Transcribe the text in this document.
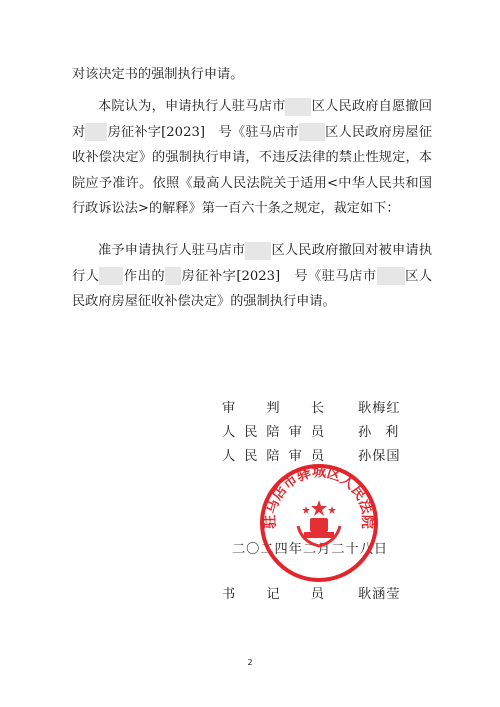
对该决定书的强制执行申请。

本院认为，申请执行人驻马店市 区人民政府自愿撤回对 房征补字[2023]　号《驻马店市 区人民政府房屋征收补偿决定》的强制执行申请，不违反法律的禁止性规定，本院应予准许。依照《最高人民法院关于适用<中华人民共和国行政诉讼法>的解释》第一百六十条之规定，裁定如下：

准予申请执行人驻马店市 区人民政府撤回对被申请执行人 作出的 房征补字[2023]　号《驻马店市 区人民政府房屋征收补偿决定》的强制执行申请。

审 判 长	耿梅红
人 民 陪 审 员	孙利
人 民 陪 审 员	孙保国
二〇二四年二月二十八日
驻马店市驿城区人民法院
书 记 员	耿涵莹
2
